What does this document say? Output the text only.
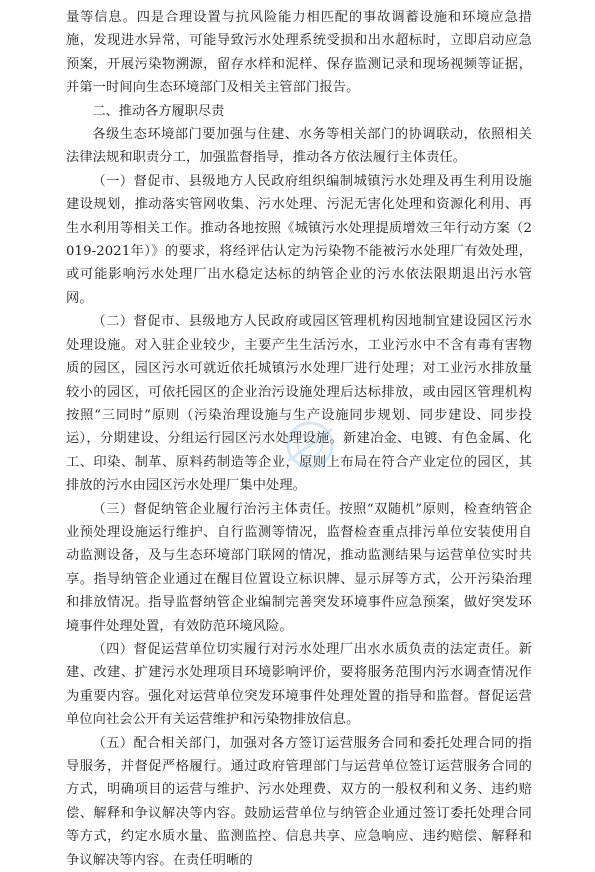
量等信息。四是合理设置与抗风险能力相匹配的事故调蓄设施和环境应急措施，发现进水异常，可能导致污水处理系统受损和出水超标时，立即启动应急预案，开展污染物溯源，留存水样和泥样、保存监测记录和现场视频等证据，并第一时间向生态环境部门及相关主管部门报告。

二、推动各方履职尽责

各级生态环境部门要加强与住建、水务等相关部门的协调联动，依照相关法律法规和职责分工，加强监督指导，推动各方依法履行主体责任。

（一）督促市、县级地方人民政府组织编制城镇污水处理及再生利用设施建设规划，推动落实管网收集、污水处理、污泥无害化处理和资源化利用、再生水利用等相关工作。推动各地按照《城镇污水处理提质增效三年行动方案（2019-2021年）》的要求，将经评估认定为污染物不能被污水处理厂有效处理，或可能影响污水处理厂出水稳定达标的纳管企业的污水依法限期退出污水管网。

（二）督促市、县级地方人民政府或园区管理机构因地制宜建设园区污水处理设施。对入驻企业较少，主要产生生活污水，工业污水中不含有毒有害物质的园区，园区污水可就近依托城镇污水处理厂进行处理；对工业污水排放量较小的园区，可依托园区的企业治污设施处理后达标排放，或由园区管理机构按照“三同时”原则（污染治理设施与生产设施同步规划、同步建设、同步投运），分期建设、分组运行园区污水处理设施。新建冶金、电镀、有色金属、化工、印染、制革、原料药制造等企业，原则上布局在符合产业定位的园区，其排放的污水由园区污水处理厂集中处理。

（三）督促纳管企业履行治污主体责任。按照“双随机”原则，检查纳管企业预处理设施运行维护、自行监测等情况，监督检查重点排污单位安装使用自动监测设备，及与生态环境部门联网的情况，推动监测结果与运营单位实时共享。指导纳管企业通过在醒目位置设立标识牌、显示屏等方式，公开污染治理和排放情况。指导监督纳管企业编制完善突发环境事件应急预案，做好突发环境事件处理处置，有效防范环境风险。

（四）督促运营单位切实履行对污水处理厂出水水质负责的法定责任。新建、改建、扩建污水处理项目环境影响评价，要将服务范围内污水调查情况作为重要内容。强化对运营单位突发环境事件处理处置的指导和监督。督促运营单位向社会公开有关运营维护和污染物排放信息。

（五）配合相关部门，加强对各方签订运营服务合同和委托处理合同的指导服务，并督促严格履行。通过政府管理部门与运营单位签订运营服务合同的方式，明确项目的运营与维护、污水处理费、双方的一般权利和义务、违约赔偿、解释和争议解决等内容。鼓励运营单位与纳管企业通过签订委托处理合同等方式，约定水质水量、监测监控、信息共享、应急响应、违约赔偿、解释和争议解决等内容。在责任明晰的
